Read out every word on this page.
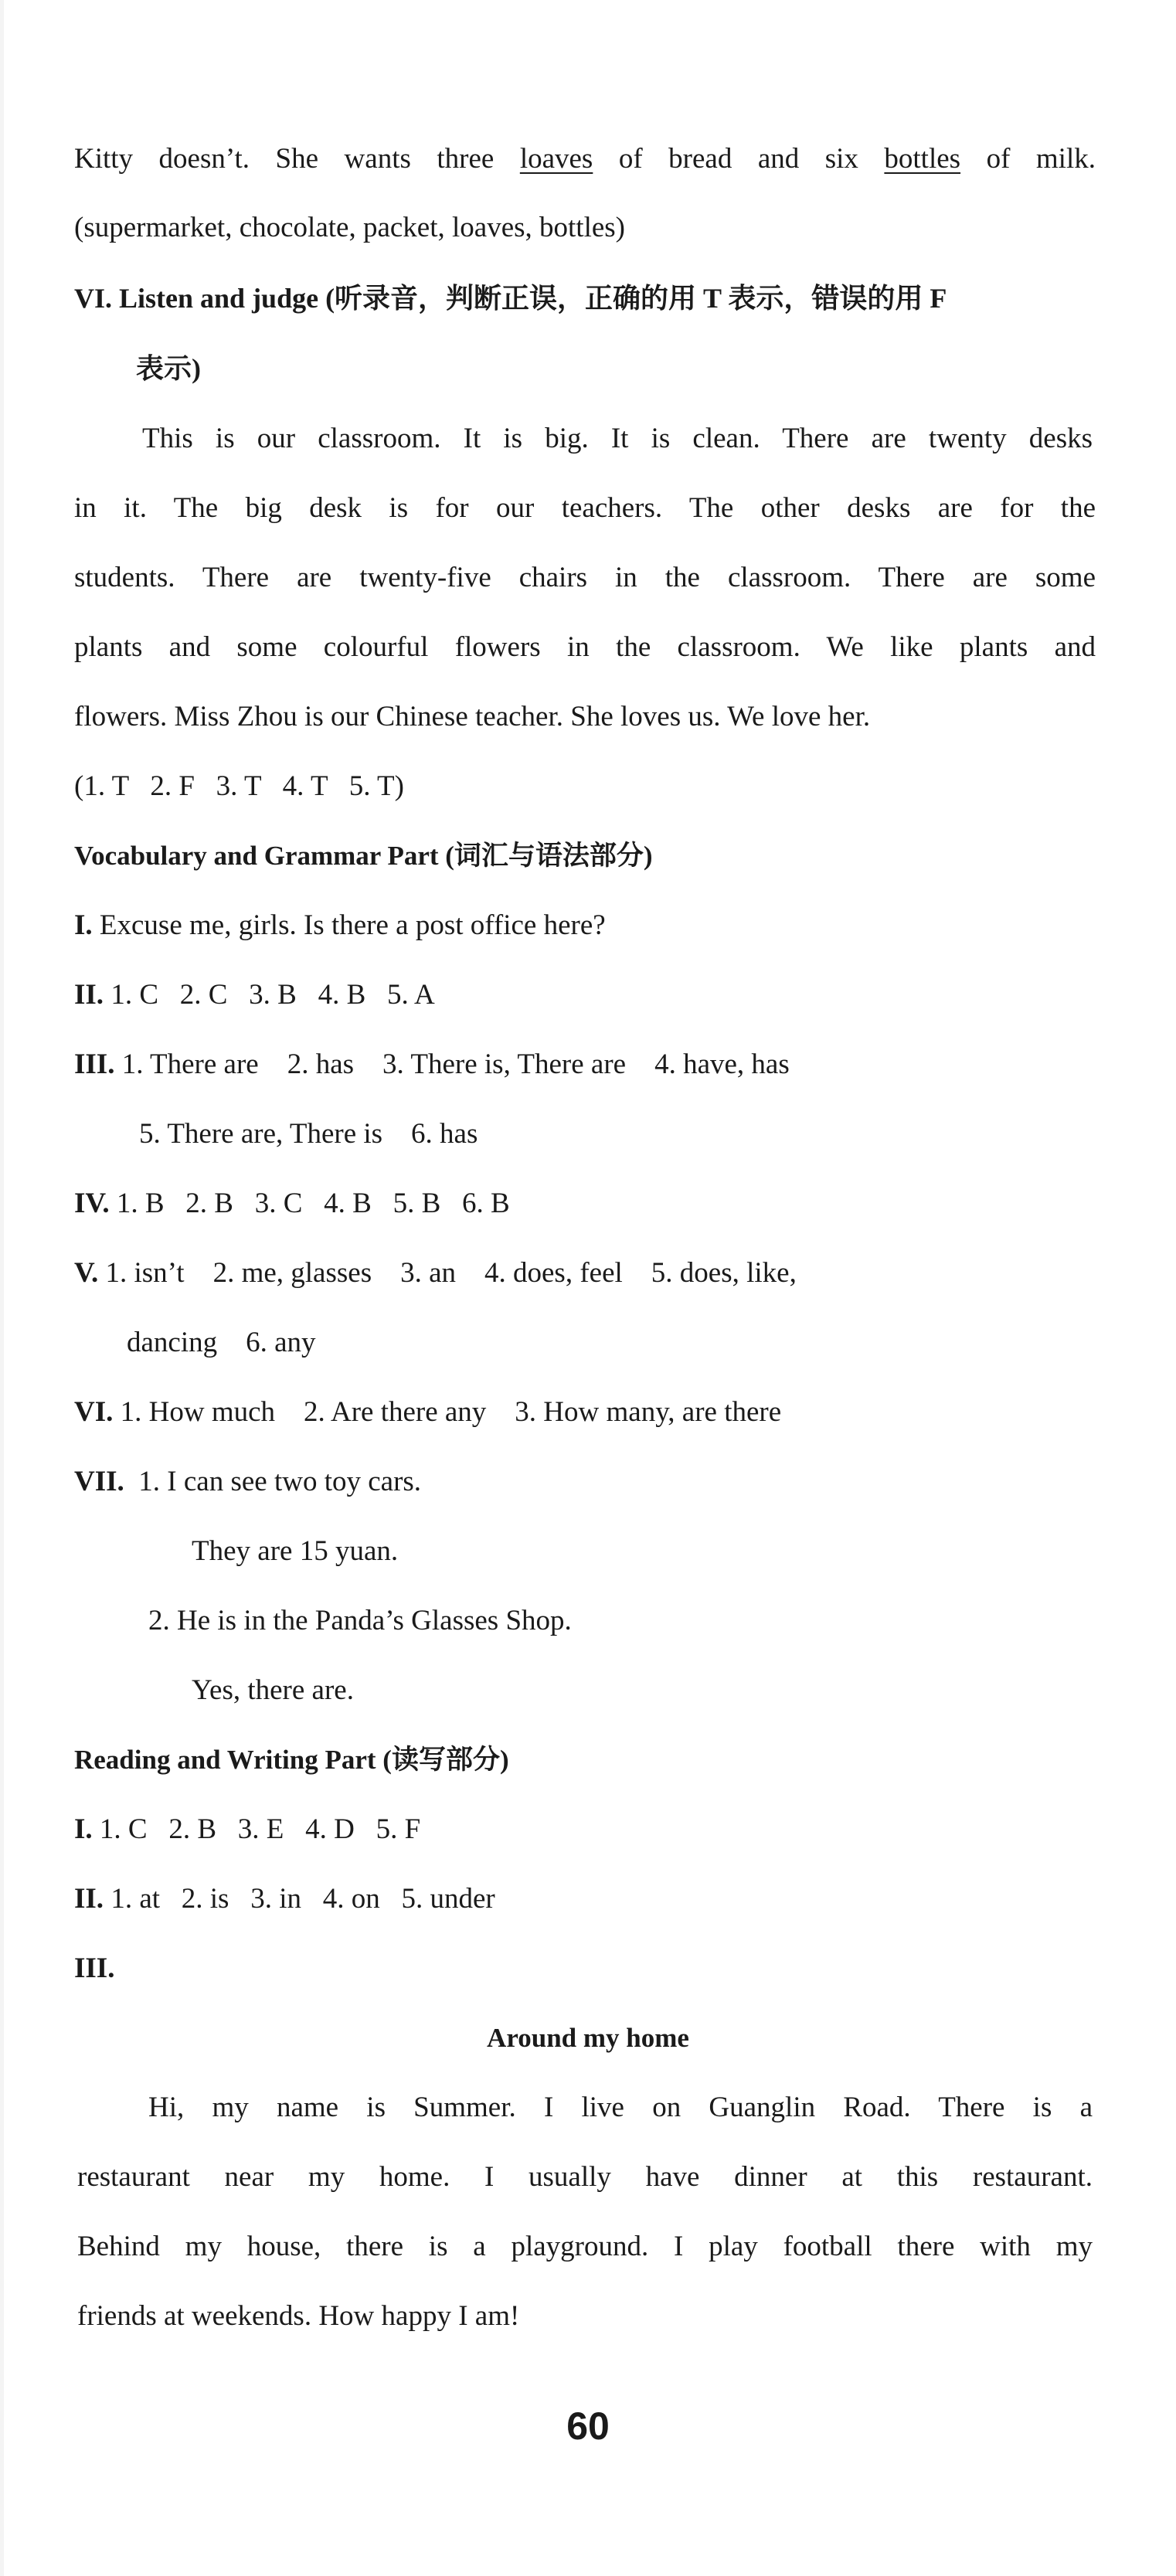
Kitty doesn’t. She wants three loaves of bread and six bottles of milk.
(supermarket, chocolate, packet, loaves, bottles)
VI. Listen and judge (听录音，判断正误，正确的用 T 表示，错误的用 F
表示)
This is our classroom. It is big. It is clean. There are twenty desks
in it. The big desk is for our teachers. The other desks are for the
students. There are twenty-five chairs in the classroom. There are some
plants and some colourful flowers in the classroom. We like plants and
flowers. Miss Zhou is our Chinese teacher. She loves us. We love her.
(1. T   2. F   3. T   4. T   5. T)
Vocabulary and Grammar Part (词汇与语法部分)
I. Excuse me, girls. Is there a post office here?
II. 1. C   2. C   3. B   4. B   5. A
III. 1. There are    2. has    3. There is, There are    4. have, has
5. There are, There is    6. has
IV. 1. B   2. B   3. C   4. B   5. B   6. B
V. 1. isn’t    2. me, glasses    3. an    4. does, feel    5. does, like,
dancing    6. any
VI. 1. How much    2. Are there any    3. How many, are there
VII. 1. I can see two toy cars.
They are 15 yuan.
2. He is in the Panda’s Glasses Shop.
Yes, there are.
Reading and Writing Part (读写部分)
I. 1. C   2. B   3. E   4. D   5. F
II. 1. at   2. is   3. in   4. on   5. under
III.
Around my home
Hi, my name is Summer. I live on Guanglin Road. There is a
restaurant near my home. I usually have dinner at this restaurant.
Behind my house, there is a playground. I play football there with my
friends at weekends. How happy I am!
60
